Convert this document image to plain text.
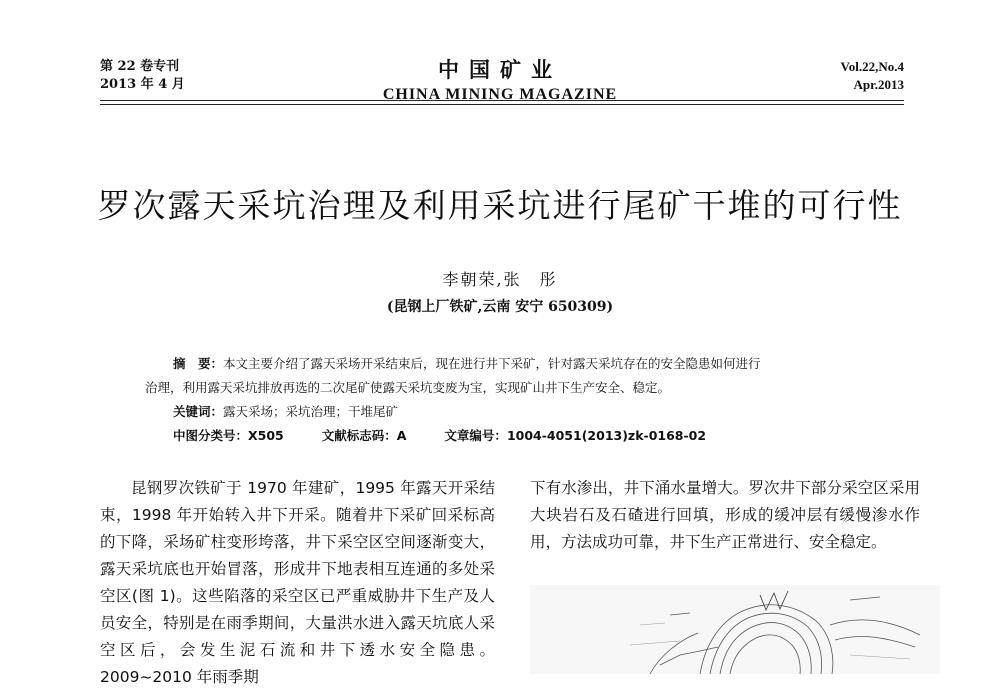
第 22 卷专刊
2013 年 4 月
中国矿业
CHINA MINING MAGAZINE
Vol.22,No.4
Apr.2013
罗次露天采坑治理及利用采坑进行尾矿干堆的可行性
李朝荣,张　彤
(昆钢上厂铁矿,云南 安宁 650309)
摘　要：本文主要介绍了露天采场开采结束后，现在进行井下采矿，针对露天采坑存在的安全隐患如何进行
治理，利用露天采坑排放再选的二次尾矿使露天采坑变废为宝，实现矿山井下生产安全、稳定。
关键词：露天采场；采坑治理；干堆尾矿
中图分类号：X505	文献标志码：A	文章编号：1004-4051(2013)zk-0168-02

昆钢罗次铁矿于 1970 年建矿，1995 年露天开采结束，1998 年开始转入井下开采。随着井下采矿回采标高的下降，采场矿柱变形垮落，井下采空区空间逐渐变大，露天采坑底也开始冒落，形成井下地表相互连通的多处采空区(图 1)。这些陷落的采空区已严重威胁井下生产及人员安全，特别是在雨季期间，大量洪水进入露天坑底人采空区后，会发生泥石流和井下透水安全隐患。2009~2010 年雨季期

下有水渗出，井下涌水量增大。罗次井下部分采空区采用大块岩石及石碴进行回填，形成的缓冲层有缓慢渗水作用，方法成功可靠，井下生产正常进行、安全稳定。
